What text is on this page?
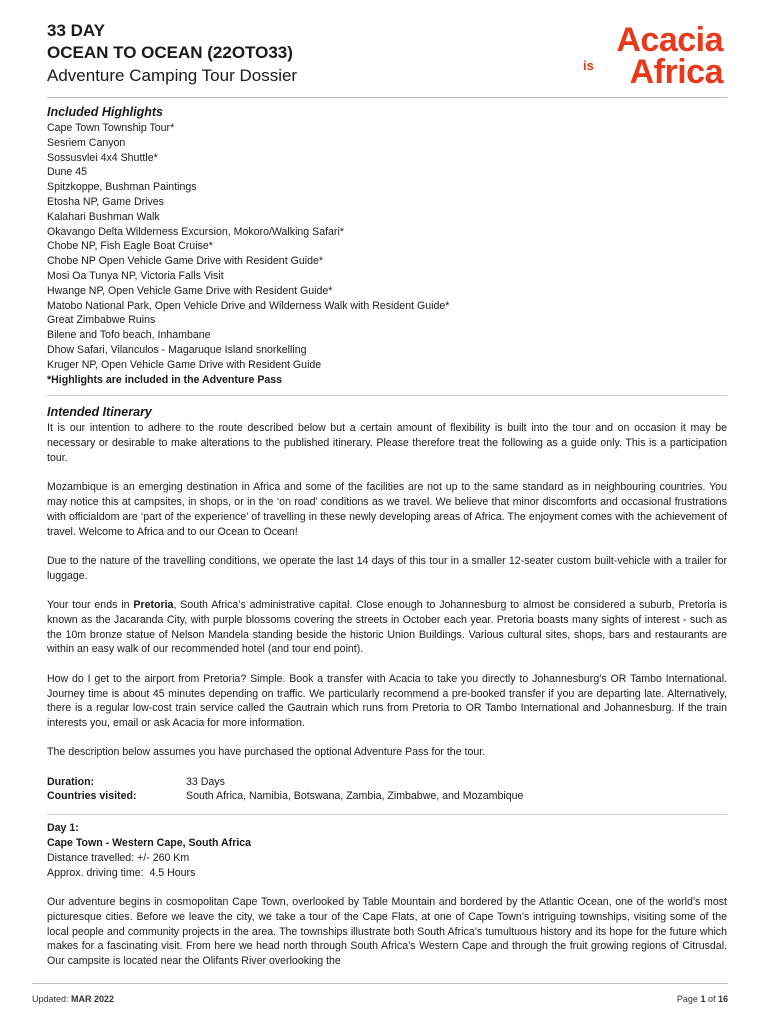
33 DAY
OCEAN TO OCEAN (22OTO33)
Adventure Camping Tour Dossier
Acacia
is Africa
Included Highlights
Cape Town Township Tour*
Sesriem Canyon
Sossusvlei 4x4 Shuttle*
Dune 45
Spitzkoppe, Bushman Paintings
Etosha NP, Game Drives
Kalahari Bushman Walk
Okavango Delta Wilderness Excursion, Mokoro/Walking Safari*
Chobe NP, Fish Eagle Boat Cruise*
Chobe NP Open Vehicle Game Drive with Resident Guide*
Mosi Oa Tunya NP, Victoria Falls Visit
Hwange NP, Open Vehicle Game Drive with Resident Guide*
Matobo National Park, Open Vehicle Drive and Wilderness Walk with Resident Guide*
Great Zimbabwe Ruins
Bilene and Tofo beach, Inhambane
Dhow Safari, Vilanculos - Magaruque Island snorkelling
Kruger NP, Open Vehicle Game Drive with Resident Guide
*Highlights are included in the Adventure Pass
Intended Itinerary

It is our intention to adhere to the route described below but a certain amount of flexibility is built into the tour and on occasion it may be necessary or desirable to make alterations to the published itinerary. Please therefore treat the following as a guide only. This is a participation tour.

Mozambique is an emerging destination in Africa and some of the facilities are not up to the same standard as in neighbouring countries. You may notice this at campsites, in shops, or in the ‘on road’ conditions as we travel. We believe that minor discomforts and occasional frustrations with officialdom are ‘part of the experience’ of travelling in these newly developing areas of Africa. The enjoyment comes with the achievement of travel. Welcome to Africa and to our Ocean to Ocean!

Due to the nature of the travelling conditions, we operate the last 14 days of this tour in a smaller 12-seater custom built-vehicle with a trailer for luggage.

Your tour ends in Pretoria, South Africa’s administrative capital. Close enough to Johannesburg to almost be considered a suburb, Pretoria is known as the Jacaranda City, with purple blossoms covering the streets in October each year. Pretoria boasts many sights of interest - such as the 10m bronze statue of Nelson Mandela standing beside the historic Union Buildings. Various cultural sites, shops, bars and restaurants are within an easy walk of our recommended hotel (and tour end point).

How do I get to the airport from Pretoria? Simple. Book a transfer with Acacia to take you directly to Johannesburg’s OR Tambo International. Journey time is about 45 minutes depending on traffic. We particularly recommend a pre-booked transfer if you are departing late. Alternatively, there is a regular low-cost train service called the Gautrain which runs from Pretoria to OR Tambo International and Johannesburg. If the train interests you, email or ask Acacia for more information.

The description below assumes you have purchased the optional Adventure Pass for the tour.

Duration:
Countries visited:
33 Days
South Africa, Namibia, Botswana, Zambia, Zimbabwe, and Mozambique
Day 1:
Cape Town - Western Cape, South Africa
Distance travelled: +/- 260 Km
Approx. driving time:  4.5 Hours

Our adventure begins in cosmopolitan Cape Town, overlooked by Table Mountain and bordered by the Atlantic Ocean, one of the world’s most picturesque cities. Before we leave the city, we take a tour of the Cape Flats, at one of Cape Town’s intriguing townships, visiting some of the local people and community projects in the area. The townships illustrate both South Africa’s tumultuous history and its hope for the future which makes for a fascinating visit. From here we head north through South Africa’s Western Cape and through the fruit growing regions of Citrusdal. Our campsite is located near the Olifants River overlooking the

Updated: MAR 2022	Page 1 of 16
